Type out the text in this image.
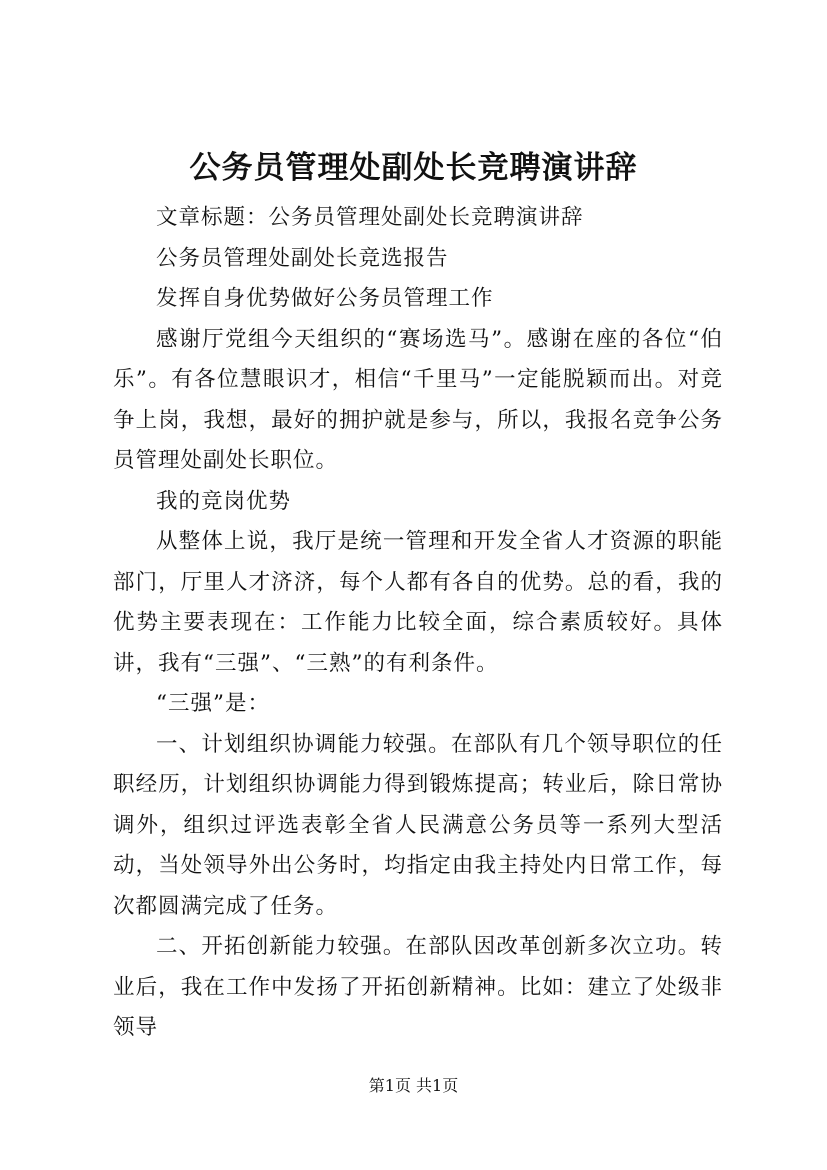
公务员管理处副处长竞聘演讲辞

文章标题：公务员管理处副处长竞聘演讲辞

公务员管理处副处长竞选报告

发挥自身优势做好公务员管理工作

感谢厅党组今天组织的“赛场选马”。感谢在座的各位“伯乐”。有各位慧眼识才，相信“千里马”一定能脱颖而出。对竞争上岗，我想，最好的拥护就是参与，所以，我报名竞争公务员管理处副处长职位。

我的竞岗优势

从整体上说，我厅是统一管理和开发全省人才资源的职能部门，厅里人才济济，每个人都有各自的优势。总的看，我的优势主要表现在：工作能力比较全面，综合素质较好。具体讲，我有“三强”、“三熟”的有利条件。

“三强”是：

一、计划组织协调能力较强。在部队有几个领导职位的任职经历，计划组织协调能力得到锻炼提高；转业后，除日常协调外，组织过评选表彰全省人民满意公务员等一系列大型活动，当处领导外出公务时，均指定由我主持处内日常工作，每次都圆满完成了任务。

二、开拓创新能力较强。在部队因改革创新多次立功。转业后，我在工作中发扬了开拓创新精神。比如：建立了处级非领导

第1页 共1页
